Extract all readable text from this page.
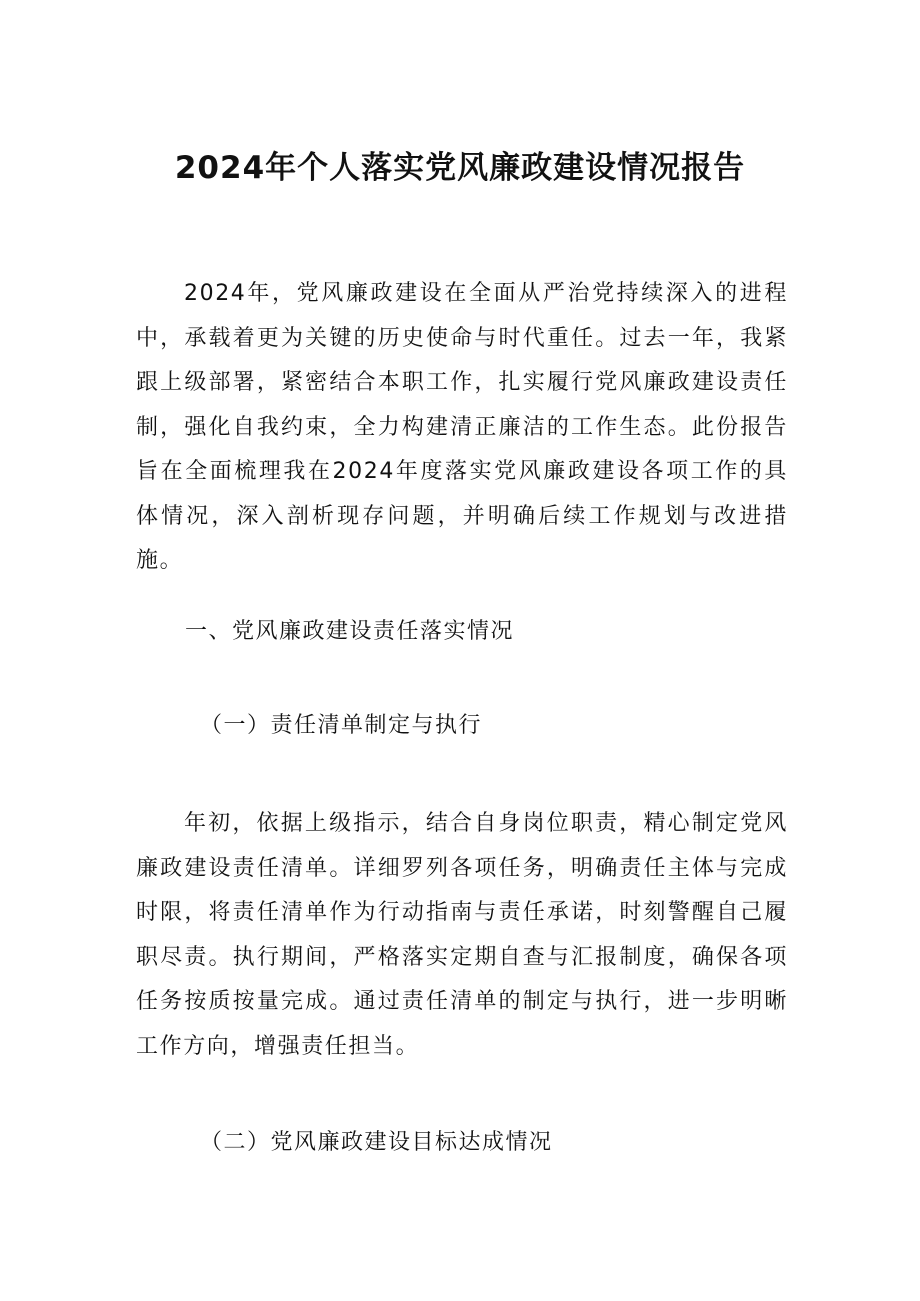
2024年个人落实党风廉政建设情况报告

2024年，党风廉政建设在全面从严治党持续深入的进程中，承载着更为关键的历史使命与时代重任。过去一年，我紧跟上级部署，紧密结合本职工作，扎实履行党风廉政建设责任制，强化自我约束，全力构建清正廉洁的工作生态。此份报告旨在全面梳理我在2024年度落实党风廉政建设各项工作的具体情况，深入剖析现存问题，并明确后续工作规划与改进措施。

一、党风廉政建设责任落实情况
（一）责任清单制定与执行

年初，依据上级指示，结合自身岗位职责，精心制定党风廉政建设责任清单。详细罗列各项任务，明确责任主体与完成时限，将责任清单作为行动指南与责任承诺，时刻警醒自己履职尽责。执行期间，严格落实定期自查与汇报制度，确保各项任务按质按量完成。通过责任清单的制定与执行，进一步明晰工作方向，增强责任担当。

（二）党风廉政建设目标达成情况
